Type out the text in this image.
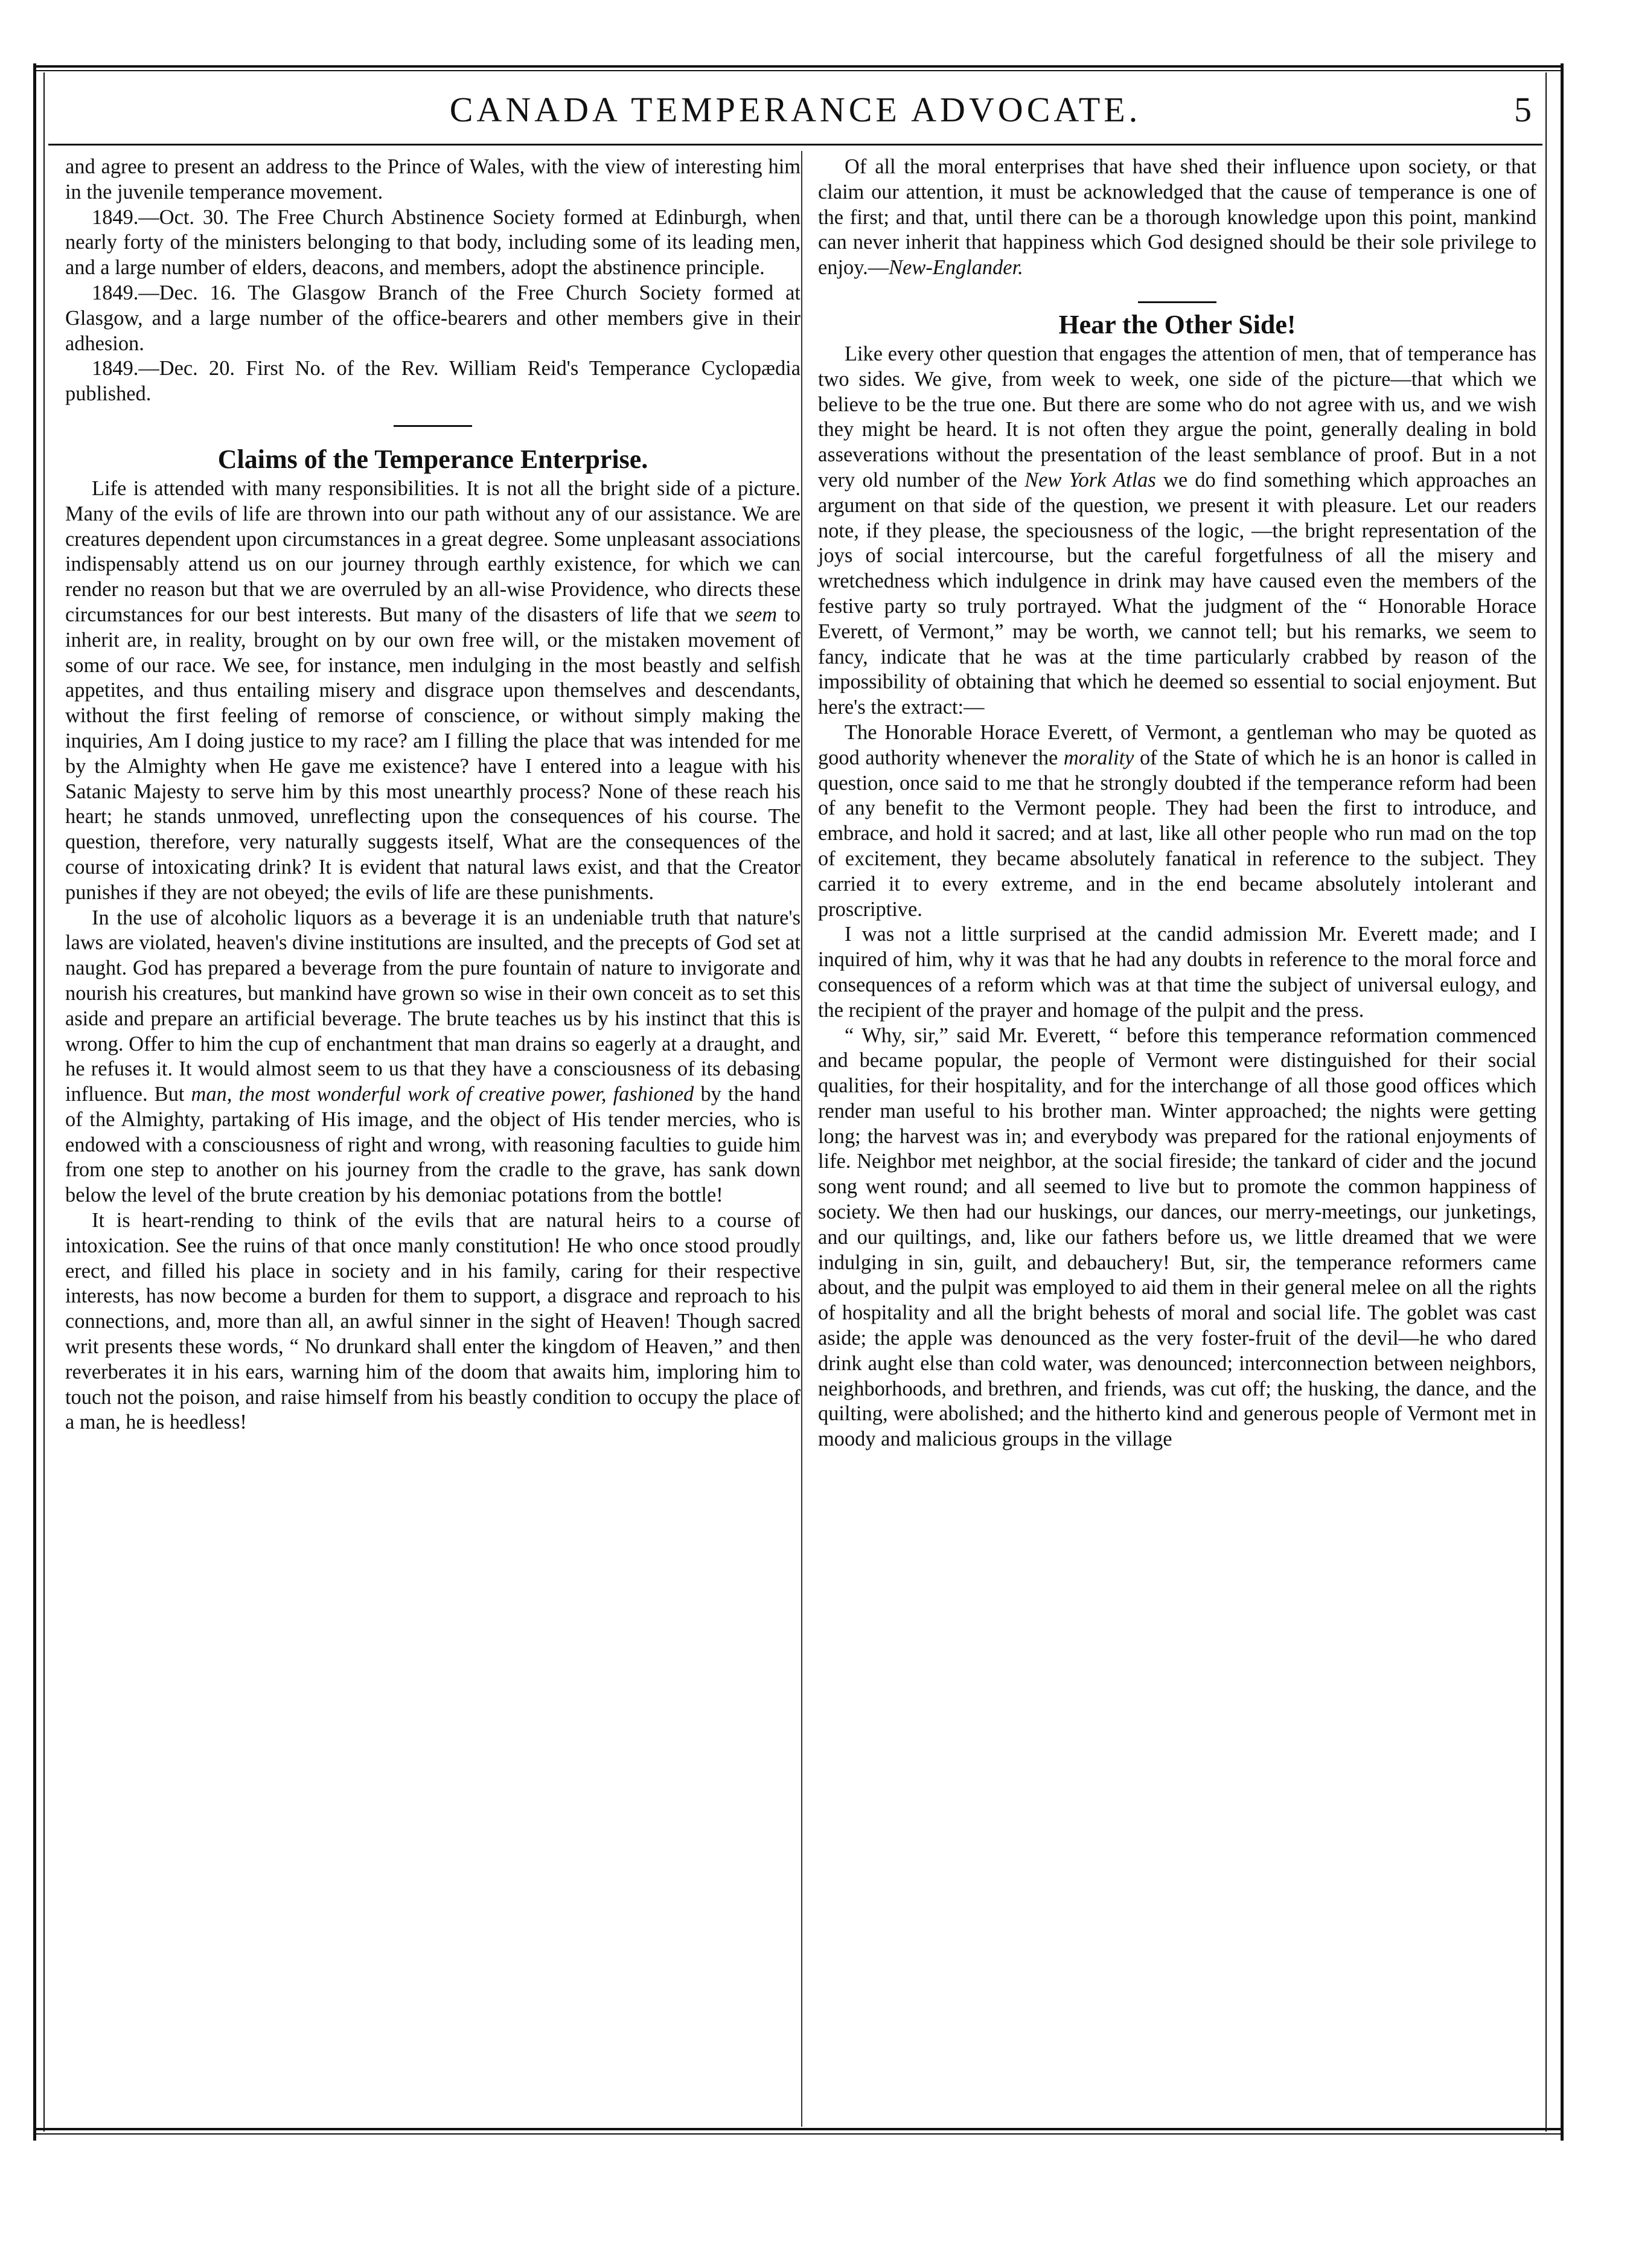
CANADA TEMPERANCE ADVOCATE.	5

and agree to present an address to the Prince of Wales, with the view of interesting him in the juvenile temperance movement.

1849.—Oct. 30. The Free Church Abstinence Society formed at Edinburgh, when nearly forty of the ministers belonging to that body, including some of its leading men, and a large number of elders, deacons, and members, adopt the abstinence principle.

1849.—Dec. 16. The Glasgow Branch of the Free Church Society formed at Glasgow, and a large number of the office-bearers and other members give in their adhesion.

1849.—Dec. 20. First No. of the Rev. William Reid's Temperance Cyclopædia published.

Claims of the Temperance Enterprise.

Life is attended with many responsibilities. It is not all the bright side of a picture. Many of the evils of life are thrown into our path without any of our assistance. We are creatures dependent upon circumstances in a great degree. Some unpleasant associations indispensably attend us on our journey through earthly existence, for which we can render no reason but that we are overruled by an all-wise Providence, who directs these circumstances for our best interests. But many of the disasters of life that we seem to inherit are, in reality, brought on by our own free will, or the mistaken movement of some of our race. We see, for instance, men indulging in the most beastly and selfish appetites, and thus entailing misery and disgrace upon themselves and descendants, without the first feeling of remorse of conscience, or without simply making the inquiries, Am I doing justice to my race? am I filling the place that was intended for me by the Almighty when He gave me existence? have I entered into a league with his Satanic Majesty to serve him by this most unearthly process? None of these reach his heart; he stands unmoved, unreflecting upon the consequences of his course. The question, therefore, very naturally suggests itself, What are the consequences of the course of intoxicating drink? It is evident that natural laws exist, and that the Creator punishes if they are not obeyed; the evils of life are these punishments.

In the use of alcoholic liquors as a beverage it is an undeniable truth that nature's laws are violated, heaven's divine institutions are insulted, and the precepts of God set at naught. God has prepared a beverage from the pure fountain of nature to invigorate and nourish his creatures, but mankind have grown so wise in their own conceit as to set this aside and prepare an artificial beverage. The brute teaches us by his instinct that this is wrong. Offer to him the cup of enchantment that man drains so eagerly at a draught, and he refuses it. It would almost seem to us that they have a consciousness of its debasing influence. But man, the most wonderful work of creative power, fashioned by the hand of the Almighty, partaking of His image, and the object of His tender mercies, who is endowed with a consciousness of right and wrong, with reasoning faculties to guide him from one step to another on his journey from the cradle to the grave, has sank down below the level of the brute creation by his demoniac potations from the bottle!

It is heart-rending to think of the evils that are natural heirs to a course of intoxication. See the ruins of that once manly constitution! He who once stood proudly erect, and filled his place in society and in his family, caring for their respective interests, has now become a burden for them to support, a disgrace and reproach to his connections, and, more than all, an awful sinner in the sight of Heaven! Though sacred writ presents these words, “ No drunkard shall enter the kingdom of Heaven,” and then reverberates it in his ears, warning him of the doom that awaits him, imploring him to touch not the poison, and raise himself from his beastly condition to occupy the place of a man, he is heedless!

Of all the moral enterprises that have shed their influence upon society, or that claim our attention, it must be acknowledged that the cause of temperance is one of the first; and that, until there can be a thorough knowledge upon this point, mankind can never inherit that happiness which God designed should be their sole privilege to enjoy.—New-Englander.

Hear the Other Side!

Like every other question that engages the attention of men, that of temperance has two sides. We give, from week to week, one side of the picture—that which we believe to be the true one. But there are some who do not agree with us, and we wish they might be heard. It is not often they argue the point, generally dealing in bold asseverations without the presentation of the least semblance of proof. But in a not very old number of the New York Atlas we do find something which approaches an argument on that side of the question, we present it with pleasure. Let our readers note, if they please, the speciousness of the logic, —the bright representation of the joys of social intercourse, but the careful forgetfulness of all the misery and wretchedness which indulgence in drink may have caused even the members of the festive party so truly portrayed. What the judgment of the “ Honorable Horace Everett, of Vermont,” may be worth, we cannot tell; but his remarks, we seem to fancy, indicate that he was at the time particularly crabbed by reason of the impossibility of obtaining that which he deemed so essential to social enjoyment. But here's the extract:—

The Honorable Horace Everett, of Vermont, a gentleman who may be quoted as good authority whenever the morality of the State of which he is an honor is called in question, once said to me that he strongly doubted if the temperance reform had been of any benefit to the Vermont people. They had been the first to introduce, and embrace, and hold it sacred; and at last, like all other people who run mad on the top of excitement, they became absolutely fanatical in reference to the subject. They carried it to every extreme, and in the end became absolutely intolerant and proscriptive.

I was not a little surprised at the candid admission Mr. Everett made; and I inquired of him, why it was that he had any doubts in reference to the moral force and consequences of a reform which was at that time the subject of universal eulogy, and the recipient of the prayer and homage of the pulpit and the press.

“ Why, sir,” said Mr. Everett, “ before this temperance reformation commenced and became popular, the people of Vermont were distinguished for their social qualities, for their hospitality, and for the interchange of all those good offices which render man useful to his brother man. Winter approached; the nights were getting long; the harvest was in; and everybody was prepared for the rational enjoyments of life. Neighbor met neighbor, at the social fireside; the tankard of cider and the jocund song went round; and all seemed to live but to promote the common happiness of society. We then had our huskings, our dances, our merry-meetings, our junketings, and our quiltings, and, like our fathers before us, we little dreamed that we were indulging in sin, guilt, and debauchery! But, sir, the temperance reformers came about, and the pulpit was employed to aid them in their general melee on all the rights of hospitality and all the bright behests of moral and social life. The goblet was cast aside; the apple was denounced as the very foster-fruit of the devil—he who dared drink aught else than cold water, was denounced; interconnection between neighbors, neighborhoods, and brethren, and friends, was cut off; the husking, the dance, and the quilting, were abolished; and the hitherto kind and generous people of Vermont met in moody and malicious groups in the village
